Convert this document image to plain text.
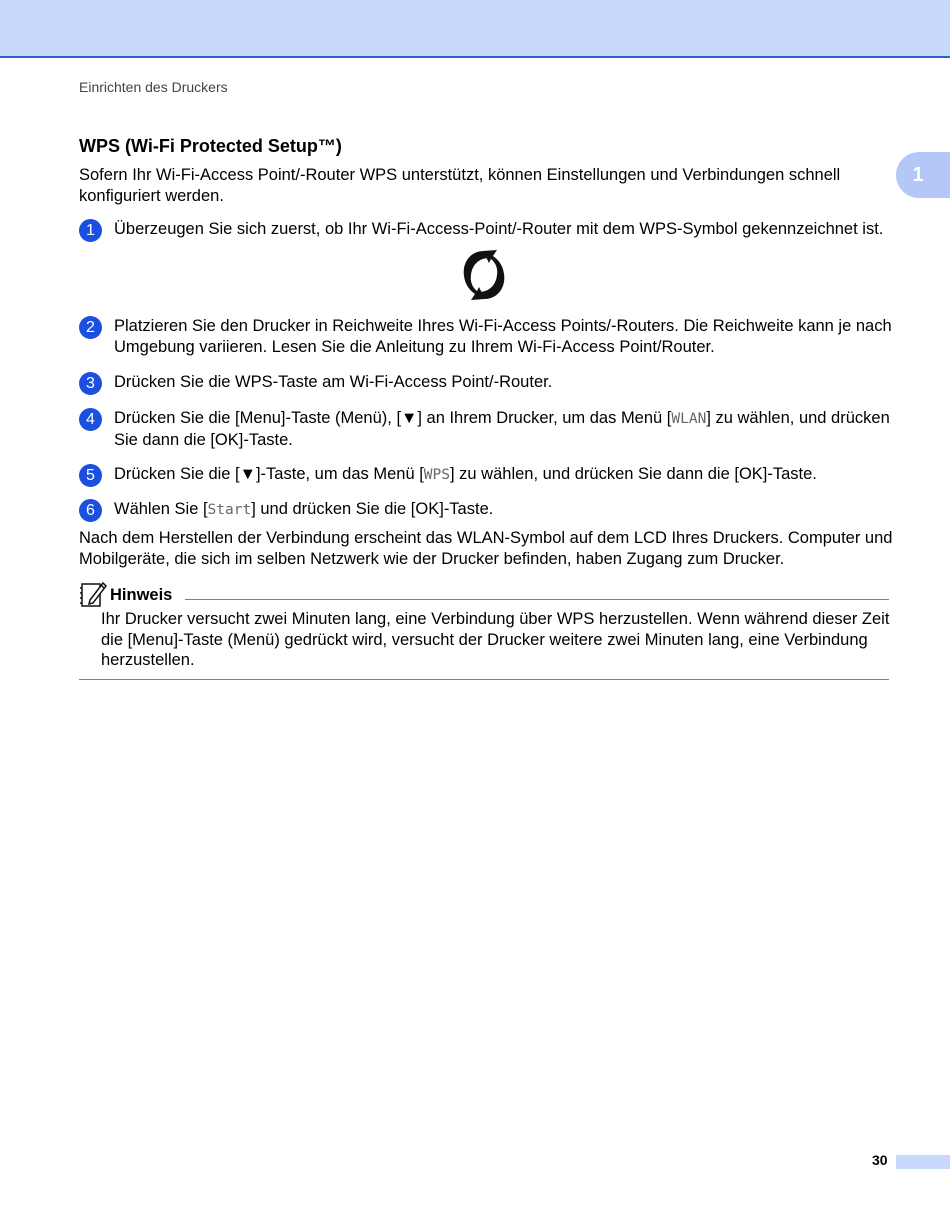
Einrichten des Druckers
1
WPS (Wi-Fi Protected Setup™)
Sofern Ihr Wi-Fi-Access Point/-Router WPS unterstützt, können Einstellungen und Verbindungen schnell konfiguriert werden.
1	Überzeugen Sie sich zuerst, ob Ihr Wi-Fi-Access-Point/-Router mit dem WPS-Symbol gekennzeichnet ist.
2	Platzieren Sie den Drucker in Reichweite Ihres Wi-Fi-Access Points/-Routers. Die Reichweite kann je nach Umgebung variieren. Lesen Sie die Anleitung zu Ihrem Wi-Fi-Access Point/Router.
3	Drücken Sie die WPS-Taste am Wi-Fi-Access Point/-Router.
4	Drücken Sie die [Menu]-Taste (Menü), [▼] an Ihrem Drucker, um das Menü [WLAN] zu wählen, und drücken Sie dann die [OK]-Taste.
5	Drücken Sie die [▼]-Taste, um das Menü [WPS] zu wählen, und drücken Sie dann die [OK]-Taste.
6	Wählen Sie [Start] und drücken Sie die [OK]-Taste.
Nach dem Herstellen der Verbindung erscheint das WLAN-Symbol auf dem LCD Ihres Druckers. Computer und Mobilgeräte, die sich im selben Netzwerk wie der Drucker befinden, haben Zugang zum Drucker.
Hinweis
Ihr Drucker versucht zwei Minuten lang, eine Verbindung über WPS herzustellen. Wenn während dieser Zeit die [Menu]-Taste (Menü) gedrückt wird, versucht der Drucker weitere zwei Minuten lang, eine Verbindung herzustellen.
30
